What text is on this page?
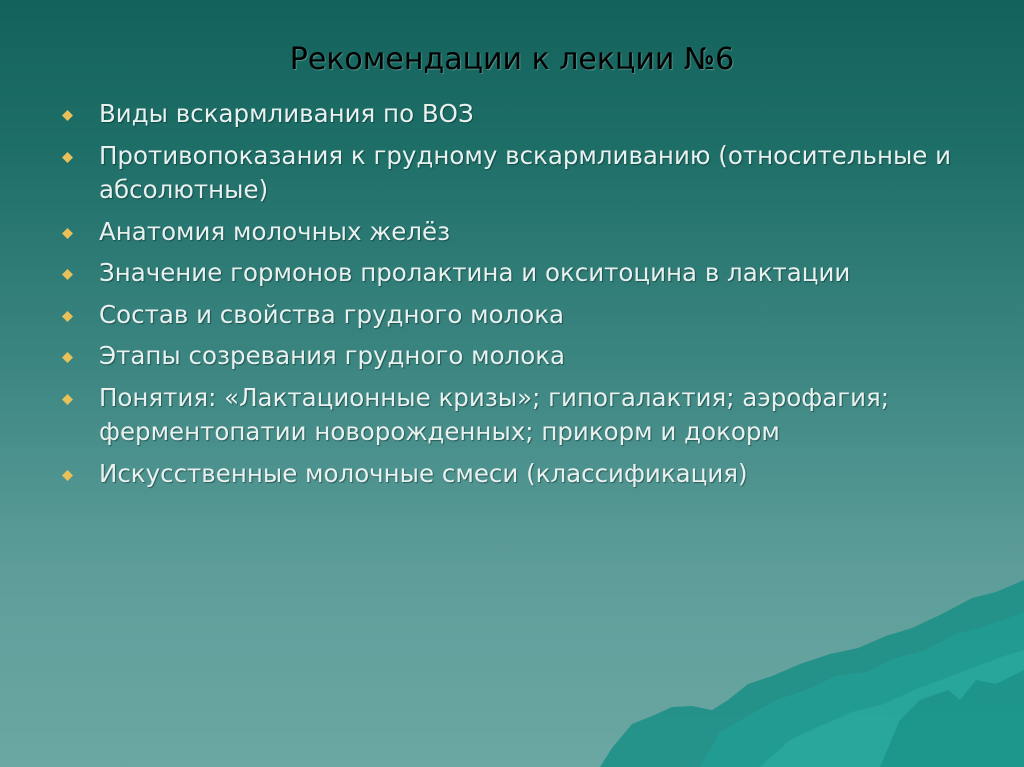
Рекомендации к лекции №6
Виды вскармливания по ВОЗ
Противопоказания к грудному вскармливанию (относительные и абсолютные)
Анатомия молочных желёз
Значение гормонов пролактина и окситоцина в лактации
Состав и свойства грудного молока
Этапы созревания грудного молока
Понятия: «Лактационные кризы»; гипогалактия; аэрофагия; ферментопатии новорожденных; прикорм и докорм
Искусственные молочные смеси (классификация)
